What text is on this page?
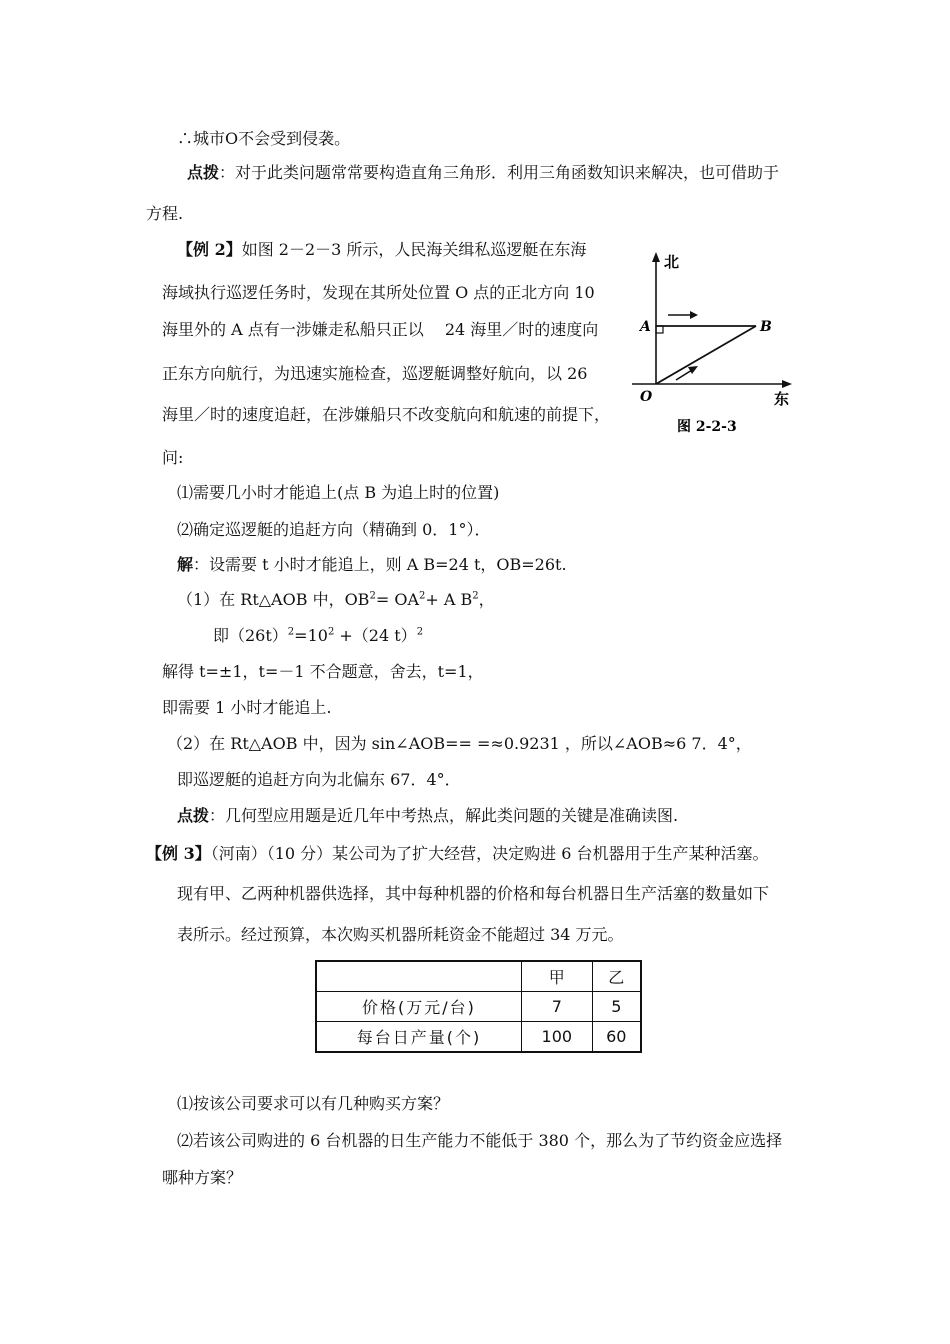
∴城市O不会受到侵袭。
点拨：对于此类问题常常要构造直角三角形．利用三角函数知识来解决，也可借助于
方程.
【例 2】如图 2－2－3 所示，人民海关缉私巡逻艇在东海
海域执行巡逻任务时，发现在其所处位置 O 点的正北方向 10
海里外的 A 点有一涉嫌走私船只正以　 24 海里／时的速度向
正东方向航行，为迅速实施检查，巡逻艇调整好航向，以 26
海里／时的速度追赶，在涉嫌船只不改变航向和航速的前提下，
问:
北
东
A	B
O
图 2-2-3
⑴需要几小时才能追上(点 B 为追上时的位置)
⑵确定巡逻艇的追赶方向（精确到 0．1°）．
解：设需要 t 小时才能追上，则 A B=24 t，OB=26t.
（1）在 Rt△AOB 中，$OB^2= OA^2+ A$ $B^2$，
即$(26t)^2=10^2 +(24$ t）$^2$
解得 t=±1，t=－1 不合题意，舍去，t=1，
即需要 1 小时才能追上.
（2）在 Rt△AOB 中，因为 sin∠AOB== =≈0.9231 ，所以∠AOB≈6 7．4°，
即巡逻艇的追赶方向为北偏东 67．4°．
点拨：几何型应用题是近几年中考热点，解此类问题的关键是准确读图.
【例 3】（河南）（10 分）某公司为了扩大经营，决定购进 6 台机器用于生产某种活塞。
现有甲、乙两种机器供选择，其中每种机器的价格和每台机器日生产活塞的数量如下
表所示。经过预算，本次购买机器所耗资金不能超过 34 万元。
	甲	乙
价格(万元/台)	7	5
每台日产量(个)	100	60
⑴按该公司要求可以有几种购买方案？
⑵若该公司购进的 6 台机器的日生产能力不能低于 380 个，那么为了节约资金应选择
哪种方案？
